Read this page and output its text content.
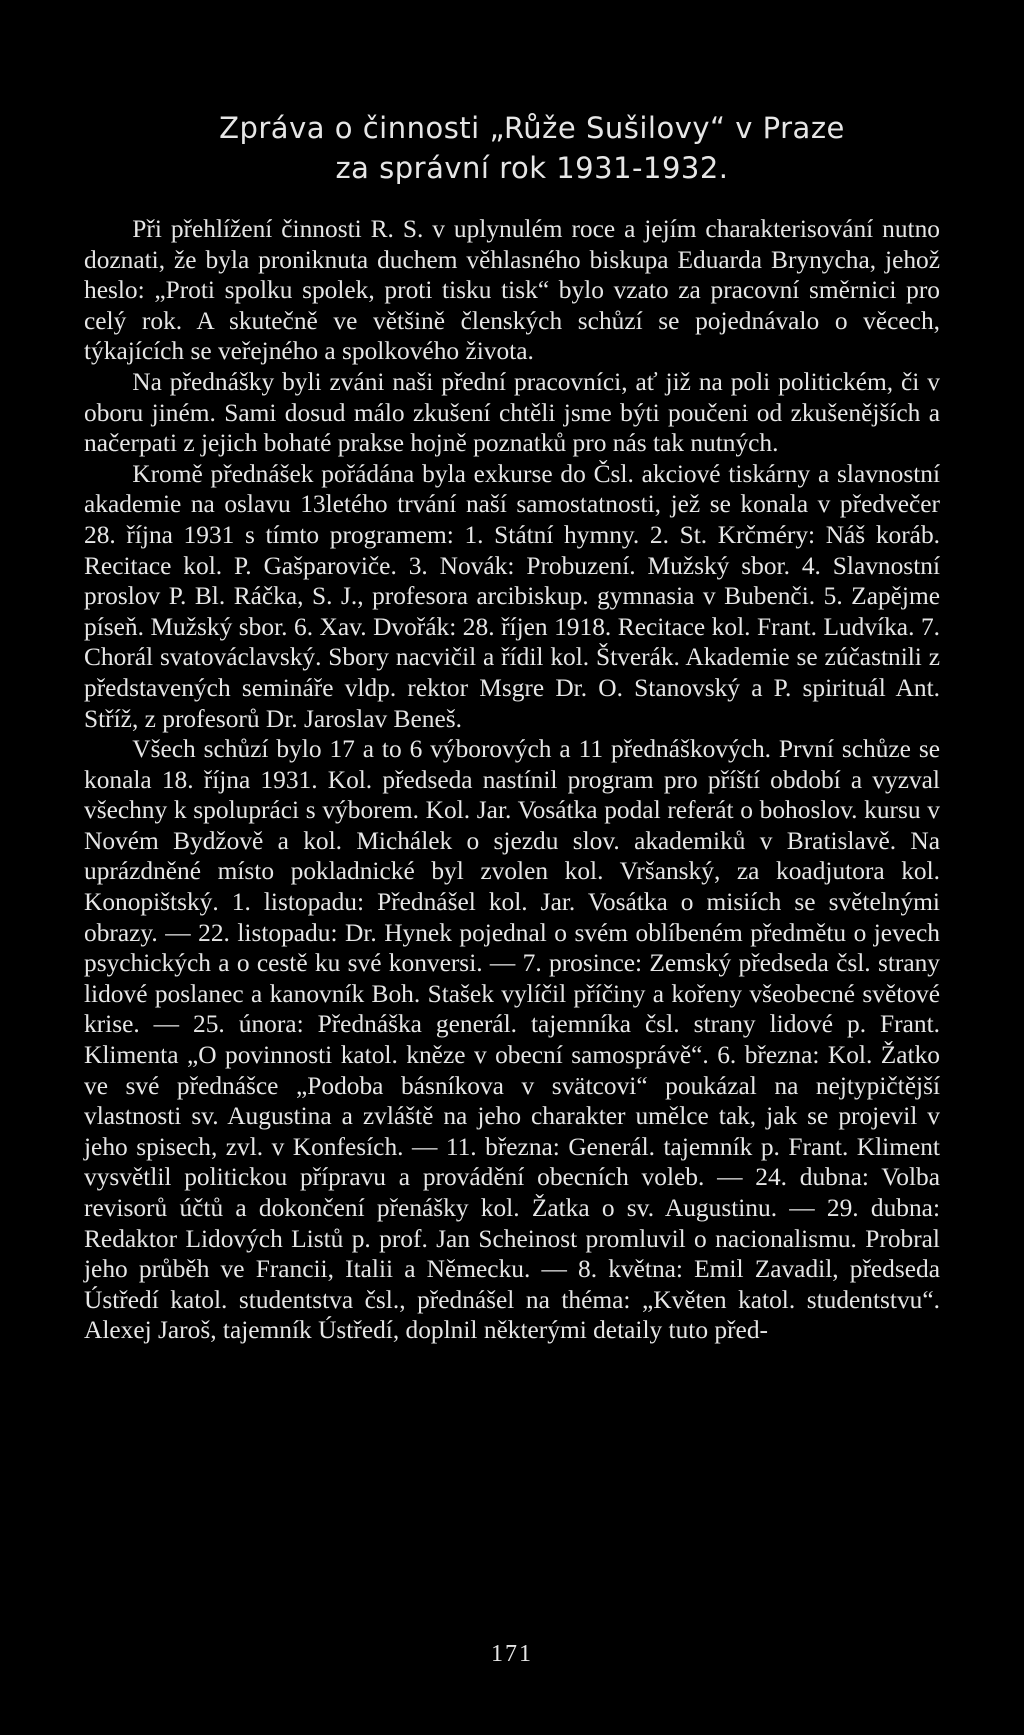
Zpráva o činnosti „Růže Sušilovy“ v Praze
za správní rok 1931-1932.

Při přehlížení činnosti R. S. v uplynulém roce a jejím charakterisování nutno doznati, že byla proniknuta duchem věhlasného biskupa Eduarda Brynycha, jehož heslo: „Proti spolku spolek, proti tisku tisk“ bylo vzato za pracovní směrnici pro celý rok. A skutečně ve většině členských schůzí se pojednávalo o věcech, týkajících se veřejného a spolkového života.

Na přednášky byli zváni naši přední pracovníci, ať již na poli politickém, či v oboru jiném. Sami dosud málo zkušení chtěli jsme býti poučeni od zkušenějších a načerpati z jejich bohaté prakse hojně poznatků pro nás tak nutných.

Kromě přednášek pořádána byla exkurse do Čsl. akciové tiskárny a slavnostní akademie na oslavu 13letého trvání naší samostatnosti, jež se konala v předvečer 28. října 1931 s tímto programem: 1. Státní hymny. 2. St. Krčméry: Náš koráb. Recitace kol. P. Gašparoviče. 3. Novák: Probuzení. Mužský sbor. 4. Slavnostní proslov P. Bl. Ráčka, S. J., profesora arcibiskup. gymnasia v Bubenči. 5. Zapějme píseň. Mužský sbor. 6. Xav. Dvořák: 28. říjen 1918. Recitace kol. Frant. Ludvíka. 7. Chorál svatováclavský. Sbory nacvičil a řídil kol. Štverák. Akademie se zúčastnili z představených semináře vldp. rektor Msgre Dr. O. Stanovský a P. spirituál Ant. Stříž, z profesorů Dr. Jaroslav Beneš.

Všech schůzí bylo 17 a to 6 výborových a 11 přednáškových. První schůze se konala 18. října 1931. Kol. předseda nastínil program pro příští období a vyzval všechny k spolupráci s výborem. Kol. Jar. Vosátka podal referát o bohoslov. kursu v Novém Bydžově a kol. Michálek o sjezdu slov. akademiků v Bratislavě. Na uprázdněné místo pokladnické byl zvolen kol. Vršanský, za koadjutora kol. Konopištský. 1. listopadu: Přednášel kol. Jar. Vosátka o misiích se světelnými obrazy. — 22. listopadu: Dr. Hynek pojednal o svém oblíbeném předmětu o jevech psychických a o cestě ku své konversi. — 7. prosince: Zemský předseda čsl. strany lidové poslanec a kanovník Boh. Stašek vylíčil příčiny a kořeny všeobecné světové krise. — 25. února: Přednáška generál. tajemníka čsl. strany lidové p. Frant. Klimenta „O povinnosti katol. kněze v obecní samosprávě“. 6. března: Kol. Žatko ve své přednášce „Podoba básníkova v svätcovi“ poukázal na nejtypičtější vlastnosti sv. Augustina a zvláště na jeho charakter umělce tak, jak se projevil v jeho spisech, zvl. v Konfesích. — 11. března: Generál. tajemník p. Frant. Kliment vysvětlil politickou přípravu a provádění obecních voleb. — 24. dubna: Volba revisorů účtů a dokončení přenášky kol. Žatka o sv. Augustinu. — 29. dubna: Redaktor Lidových Listů p. prof. Jan Scheinost promluvil o nacionalismu. Probral jeho průběh ve Francii, Italii a Německu. — 8. května: Emil Zavadil, předseda Ústředí katol. studentstva čsl., přednášel na théma: „Květen katol. studentstvu“. Alexej Jaroš, tajemník Ústředí, doplnil některými detaily tuto před-

171
